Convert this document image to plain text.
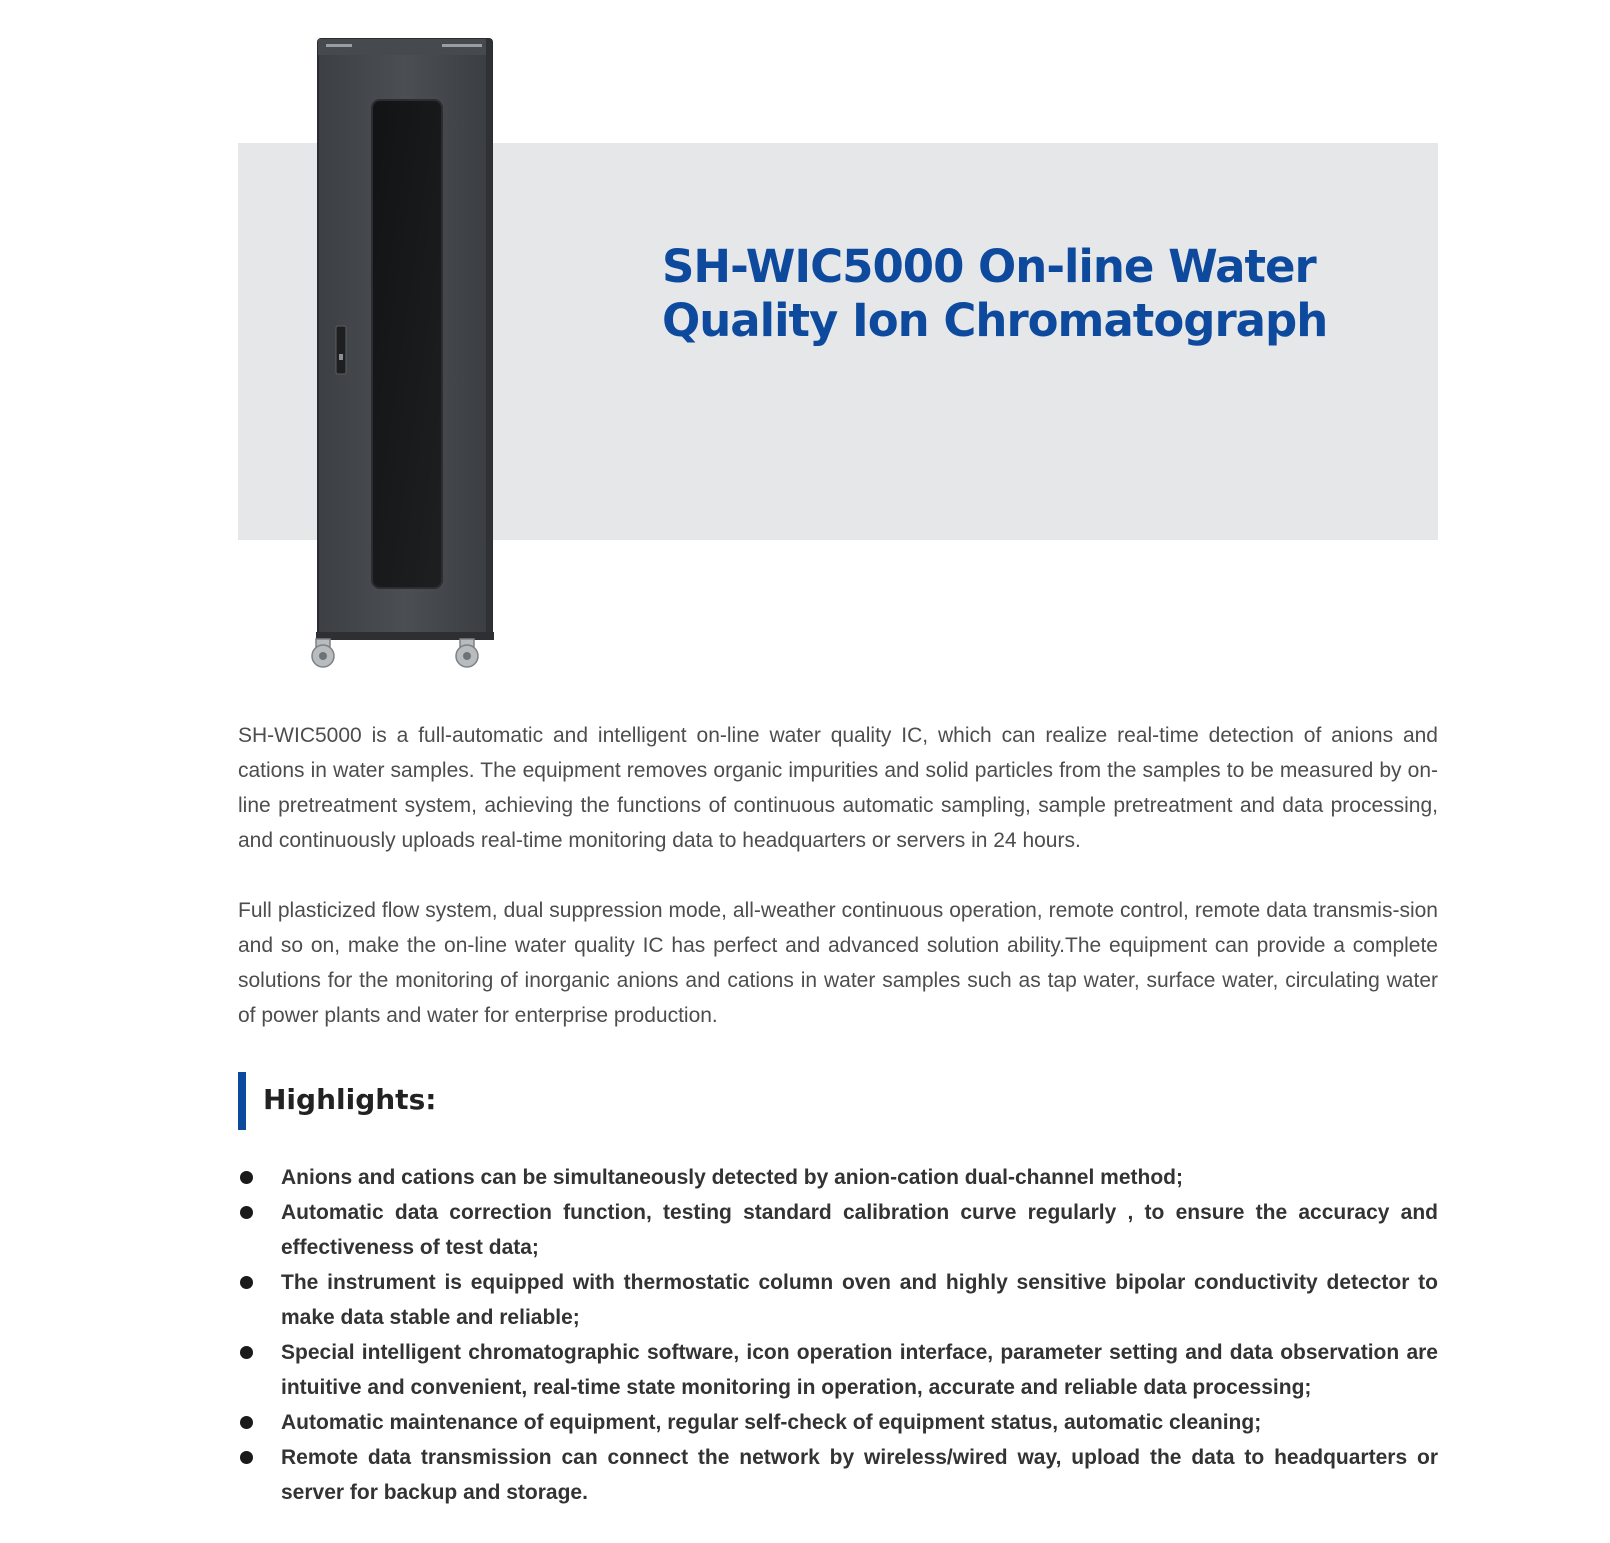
SH-WIC5000 On-line Water Quality Ion Chromatograph

SH-WIC5000 is a full-automatic and intelligent on-line water quality IC, which can realize real-time detection of anions and cations in water samples. The equipment removes organic impurities and solid particles from the samples to be measured by on-line pretreatment system, achieving the functions of continuous automatic sampling, sample pretreatment and data processing, and continuously uploads real-time monitoring data to headquarters or servers in 24 hours.

Full plasticized flow system, dual suppression mode, all-weather continuous operation, remote control, remote data transmis-sion and so on, make the on-line water quality IC has perfect and advanced solution ability.The equipment can provide a complete solutions for the monitoring of inorganic anions and cations in water samples such as tap water, surface water, circulating water of power plants and water for enterprise production.

Highlights:
Anions and cations can be simultaneously detected by anion-cation dual-channel method;
Automatic data correction function, testing standard calibration curve regularly , to ensure the accuracy and effectiveness of test data;
The instrument is equipped with thermostatic column oven and highly sensitive bipolar conductivity detector to make data stable and reliable;
Special intelligent chromatographic software, icon operation interface, parameter setting and data observation are intuitive and convenient, real-time state monitoring in operation, accurate and reliable data processing;
Automatic maintenance of equipment, regular self-check of equipment status, automatic cleaning;
Remote data transmission can connect the network by wireless/wired way, upload the data to headquarters or server for backup and storage.
